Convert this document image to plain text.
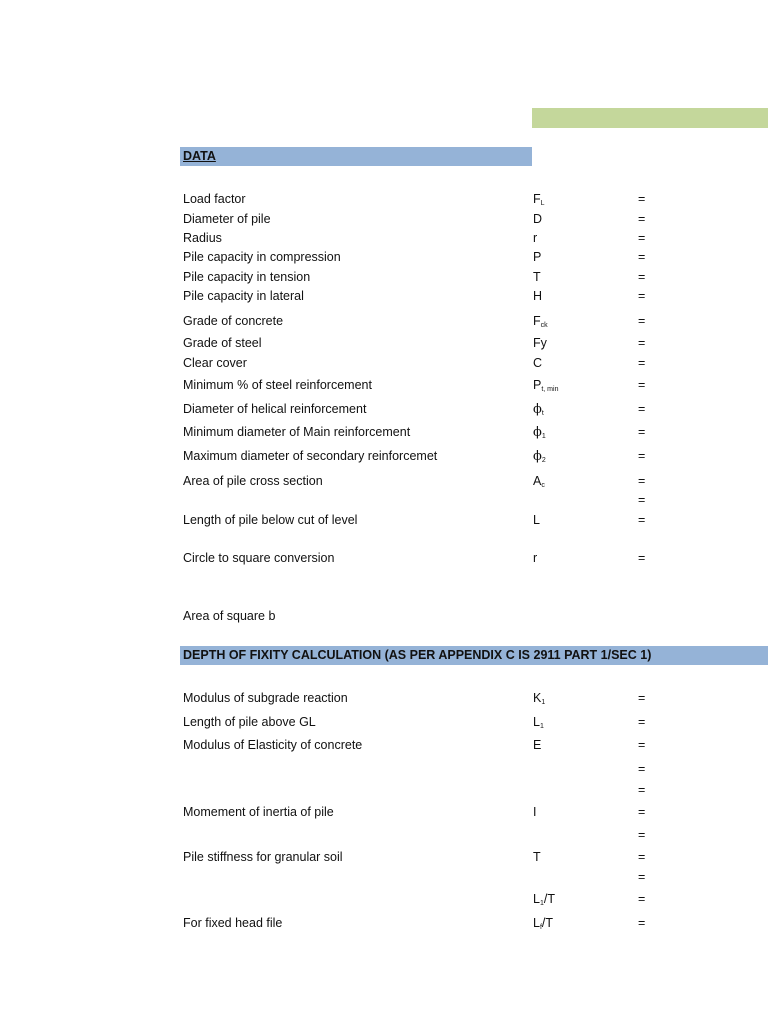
DATA
Load factor	$F_L$	=
Diameter of pile	D	=
Radius	r	=
Pile capacity in compression	P	=
Pile capacity in tension	T	=
Pile capacity in lateral	H	=
Grade of concrete	$F_{ck}$	=
Grade of steel	Fy	=
Clear cover	C	=
Minimum % of steel reinforcement	$P_{t, min}$	=
Diameter of helical reinforcement	$\phi_t$	=
Minimum diameter of Main reinforcement	$\phi_1$	=
Maximum diameter of secondary reinforcemet	$\phi_2$	=
Area of pile cross section	$A_c$	=
=
Length of pile below cut of level	L	=
Circle to square conversion	r	=
Area of square b
DEPTH OF FIXITY CALCULATION (AS PER APPENDIX C IS 2911 PART 1/SEC 1)
Modulus of subgrade reaction	$K_1$	=
Length of pile above GL	$L_1$	=
Modulus of Elasticity of concrete	E	=
=
=
Momement of inertia of pile	I	=
=
Pile stiffness for granular soil	T	=
=
$L_1/T$	=
For fixed head file	$L_f/T$	=
